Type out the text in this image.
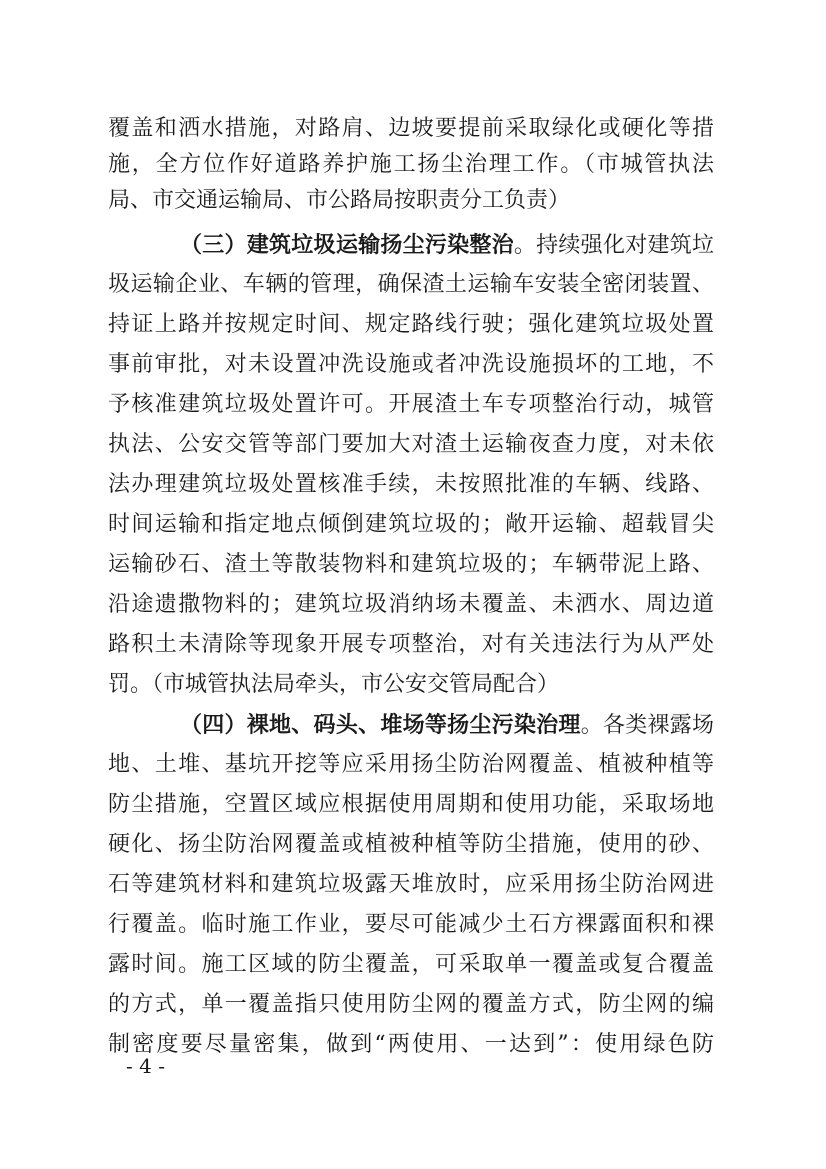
覆盖和洒水措施，对路肩、边坡要提前采取绿化或硬化等措
施，全方位作好道路养护施工扬尘治理工作。（市城管执法
局、市交通运输局、市公路局按职责分工负责）
（三）建筑垃圾运输扬尘污染整治。持续强化对建筑垃
圾运输企业、车辆的管理，确保渣土运输车安装全密闭装置、
持证上路并按规定时间、规定路线行驶；强化建筑垃圾处置
事前审批，对未设置冲洗设施或者冲洗设施损坏的工地，不
予核准建筑垃圾处置许可。开展渣土车专项整治行动，城管
执法、公安交管等部门要加大对渣土运输夜查力度，对未依
法办理建筑垃圾处置核准手续，未按照批准的车辆、线路、
时间运输和指定地点倾倒建筑垃圾的；敞开运输、超载冒尖
运输砂石、渣土等散装物料和建筑垃圾的；车辆带泥上路、
沿途遗撒物料的；建筑垃圾消纳场未覆盖、未洒水、周边道
路积土未清除等现象开展专项整治，对有关违法行为从严处
罚。（市城管执法局牵头，市公安交管局配合）
（四）裸地、码头、堆场等扬尘污染治理。各类裸露场
地、土堆、基坑开挖等应采用扬尘防治网覆盖、植被种植等
防尘措施，空置区域应根据使用周期和使用功能，采取场地
硬化、扬尘防治网覆盖或植被种植等防尘措施，使用的砂、
石等建筑材料和建筑垃圾露天堆放时，应采用扬尘防治网进
行覆盖。临时施工作业，要尽可能减少土石方裸露面积和裸
露时间。施工区域的防尘覆盖，可采取单一覆盖或复合覆盖
的方式，单一覆盖指只使用防尘网的覆盖方式，防尘网的编
制密度要尽量密集，做到“两使用、一达到”：使用绿色防
- 4 -
